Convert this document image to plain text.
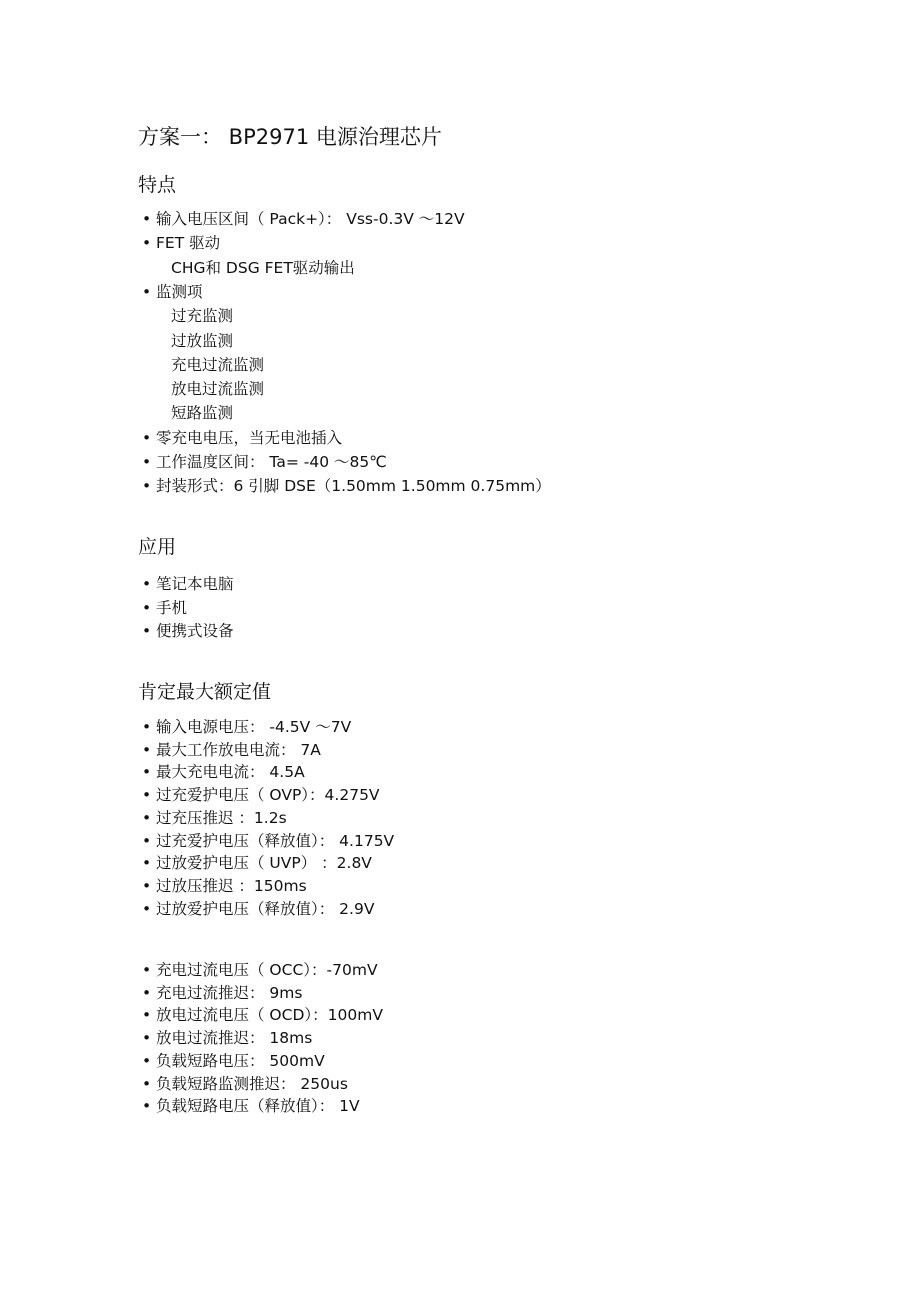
方案一： BP2971 电源治理芯片
特点
• 输入电压区间（ Pack+）： Vss-0.3V ～12V
• FET 驱动
CHG和 DSG FET驱动输出
• 监测项
过充监测
过放监测
充电过流监测
放电过流监测
短路监测
• 零充电电压，当无电池插入
• 工作温度区间： Ta= -40 ～85℃
• 封装形式：6 引脚 DSE（1.50mm 1.50mm 0.75mm）
应用
• 笔记本电脑
• 手机
• 便携式设备
肯定最大额定值
• 输入电源电压： -4.5V ～7V
• 最大工作放电电流： 7A
• 最大充电电流： 4.5A
• 过充爱护电压（ OVP）：4.275V
• 过充压推迟 ：1.2s
• 过充爱护电压（释放值）： 4.175V
• 过放爱护电压（ UVP） ：2.8V
• 过放压推迟 ：150ms
• 过放爱护电压（释放值）： 2.9V
• 充电过流电压（ OCC）：-70mV
• 充电过流推迟： 9ms
• 放电过流电压（ OCD）：100mV
• 放电过流推迟： 18ms
• 负载短路电压： 500mV
• 负载短路监测推迟： 250us
• 负载短路电压（释放值）： 1V
